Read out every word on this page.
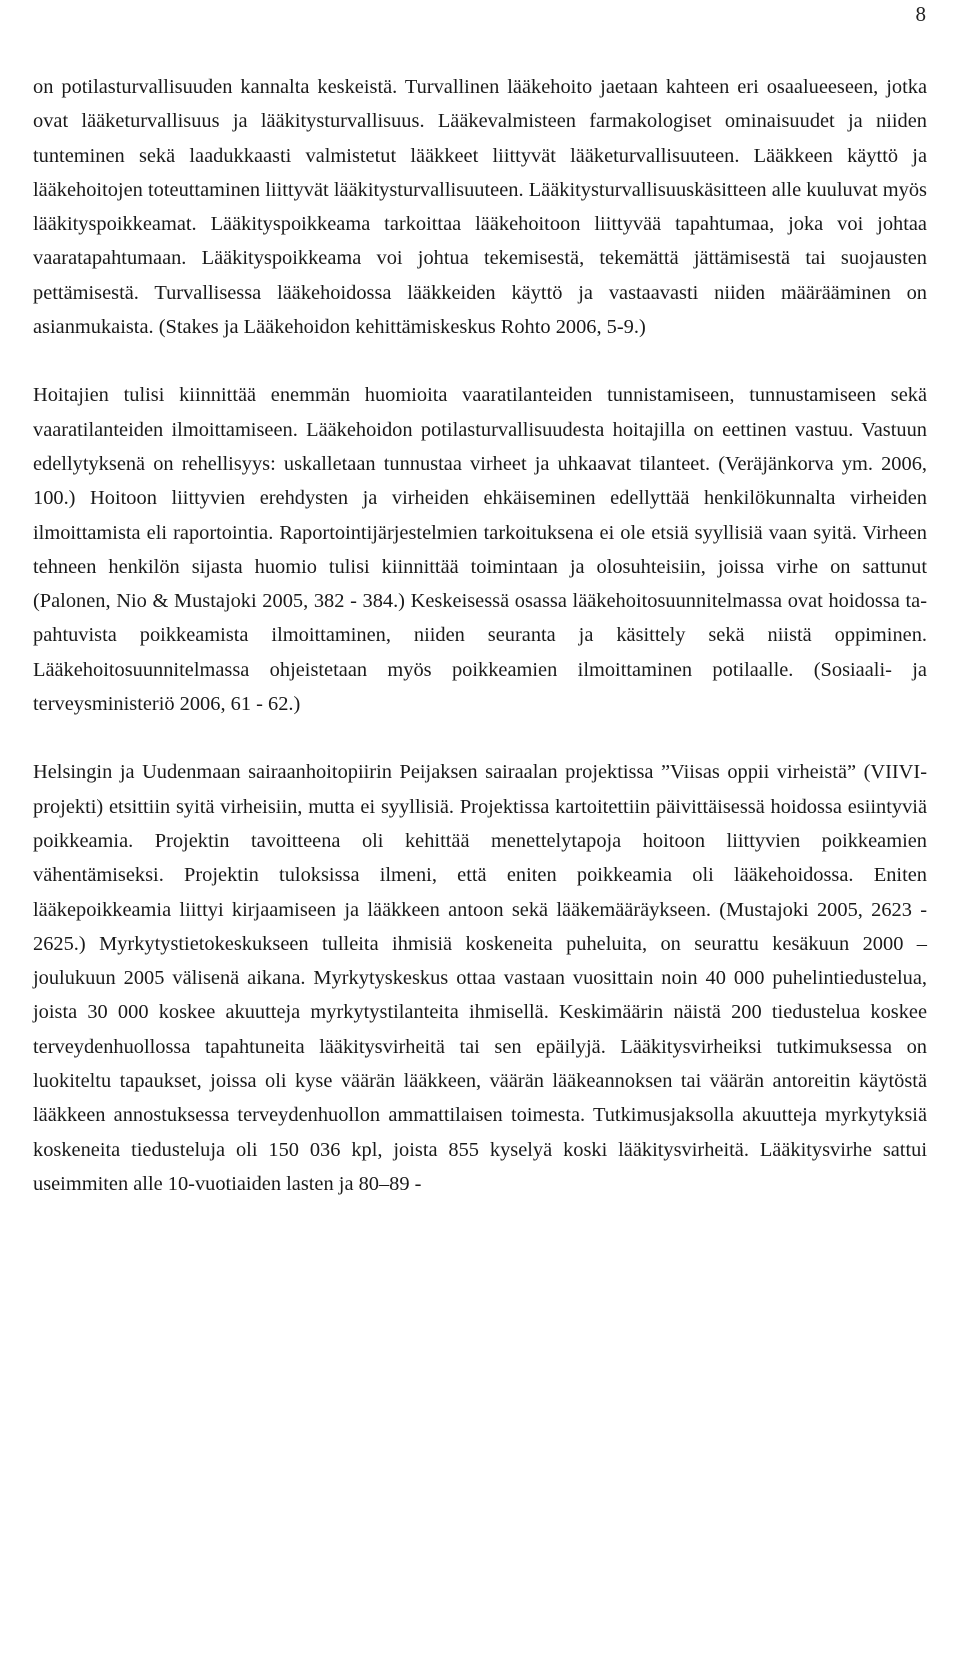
8

on potilasturvallisuuden kannalta keskeistä. Turvallinen lääkehoito jaetaan kahteen eri osaalueeseen, jotka ovat lääketurvallisuus ja lääkitysturvallisuus. Lääkevalmisteen farmakologiset ominaisuudet ja niiden tunteminen sekä laadukkaasti valmistetut lääkkeet liittyvät lääketurvallisuuteen. Lääkkeen käyttö ja lääkehoitojen toteuttaminen liittyvät lääkitysturvallisuuteen. Lääkitysturvallisuuskäsitteen alle kuuluvat myös lääkityspoikkeamat. Lääkityspoikkeama tarkoittaa lääkehoitoon liittyvää tapahtumaa, joka voi johtaa vaaratapahtumaan. Lääkityspoikkeama voi johtua tekemisestä, tekemättä jättämisestä tai suojausten pettämisestä. Turvallisessa lääkehoidossa lääkkeiden käyttö ja vastaavasti niiden määrääminen on asianmukaista. (Stakes ja Lääkehoidon kehittämiskeskus Rohto 2006, 5-9.)

Hoitajien tulisi kiinnittää enemmän huomioita vaaratilanteiden tunnistamiseen, tunnustamiseen sekä vaaratilanteiden ilmoittamiseen. Lääkehoidon potilasturvallisuudesta hoitajilla on eettinen vastuu. Vastuun edellytyksenä on rehellisyys: uskalletaan tunnustaa virheet ja uhkaavat tilanteet. (Veräjänkorva ym. 2006, 100.) Hoitoon liittyvien erehdysten ja virheiden ehkäiseminen edellyttää henkilökunnalta virheiden ilmoittamista eli raportointia. Raportointijärjestelmien tarkoituksena ei ole etsiä syyllisiä vaan syitä. Virheen tehneen henkilön sijasta huomio tulisi kiinnittää toimintaan ja olosuhteisiin, joissa virhe on sattunut (Palonen, Nio & Mustajoki 2005, 382 - 384.) Keskeisessä osassa lääkehoitosuunnitelmassa ovat hoidossa tapahtuvista poikkeamista ilmoittaminen, niiden seuranta ja käsittely sekä niistä oppiminen. Lääkehoitosuunnitelmassa ohjeistetaan myös poikkeamien ilmoittaminen potilaalle. (Sosiaali- ja terveysministeriö 2006, 61 - 62.)

Helsingin ja Uudenmaan sairaanhoitopiirin Peijaksen sairaalan projektissa ”Viisas oppii virheistä” (VIIVI-projekti) etsittiin syitä virheisiin, mutta ei syyllisiä. Projektissa kartoitettiin päivittäisessä hoidossa esiintyviä poikkeamia. Projektin tavoitteena oli kehittää menettelytapoja hoitoon liittyvien poikkeamien vähentämiseksi. Projektin tuloksissa ilmeni, että eniten poikkeamia oli lääkehoidossa. Eniten lääkepoikkeamia liittyi kirjaamiseen ja lääkkeen antoon sekä lääkemääräykseen. (Mustajoki 2005, 2623 - 2625.) Myrkytystietokeskukseen tulleita ihmisiä koskeneita puheluita, on seurattu kesäkuun 2000 – joulukuun 2005 välisenä aikana. Myrkytyskeskus ottaa vastaan vuosittain noin 40 000 puhelintiedustelua, joista 30 000 koskee akuutteja myrkytystilanteita ihmisellä. Keskimäärin näistä 200 tiedustelua koskee terveydenhuollossa tapahtuneita lääkitysvirheitä tai sen epäilyjä. Lääkitysvirheiksi tutkimuksessa on luokiteltu tapaukset, joissa oli kyse väärän lääkkeen, väärän lääkeannoksen tai väärän antoreitin käytöstä lääkkeen annostuksessa terveydenhuollon ammattilaisen toimesta. Tutkimusjaksolla akuutteja myrkytyksiä koskeneita tiedusteluja oli 150 036 kpl, joista 855 kyselyä koski lääkitysvirheitä. Lääkitysvirhe sattui useimmiten alle 10-vuotiaiden lasten ja 80–89 -
